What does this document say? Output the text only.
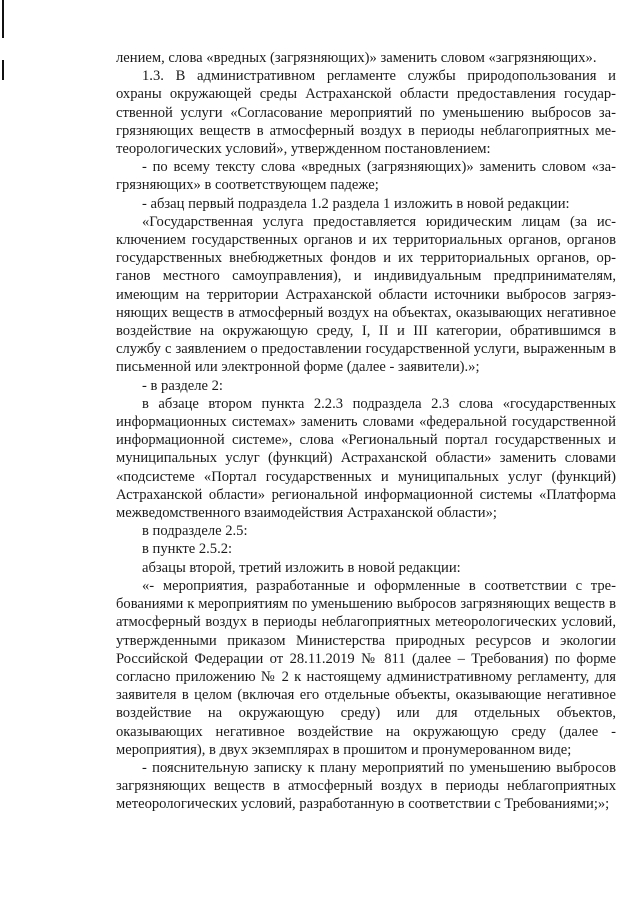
лением, слова «вредных (загрязняющих)» заменить словом «загрязняющих».

1.3. В административном регламенте службы природопользования и охраны окружающей среды Астраханской области предоставления государственной услуги «Согласование мероприятий по уменьшению выбросов загрязняющих веществ в атмосферный воздух в периоды неблагоприятных метеорологических условий», утвержденном постановлением:

- по всему тексту слова «вредных (загрязняющих)» заменить словом «загрязняющих» в соответствующем падеже;

- абзац первый подраздела 1.2 раздела 1 изложить в новой редакции:

«Государственная услуга предоставляется юридическим лицам (за исключением государственных органов и их территориальных органов, органов государственных внебюджетных фондов и их территориальных органов, органов местного самоуправления), и индивидуальным предпринимателям, имеющим на территории Астраханской области источники выбросов загрязняющих веществ в атмосферный воздух на объектах, оказывающих негативное воздействие на окружающую среду, I, II и III категории, обратившимся в службу с заявлением о предоставлении государственной услуги, выраженным в письменной или электронной форме (далее - заявители).»;

- в разделе 2:

в абзаце втором пункта 2.2.3 подраздела 2.3 слова «государственных информационных системах» заменить словами «федеральной государственной информационной системе», слова «Региональный портал государственных и муниципальных услуг (функций) Астраханской области» заменить словами «подсистеме «Портал государственных и муниципальных услуг (функций) Астраханской области» региональной информационной системы «Платформа межведомственного взаимодействия Астраханской области»;

в подразделе 2.5:

в пункте 2.5.2:

абзацы второй, третий изложить в новой редакции:

«- мероприятия, разработанные и оформленные в соответствии с требованиями к мероприятиям по уменьшению выбросов загрязняющих веществ в атмосферный воздух в периоды неблагоприятных метеорологических условий, утвержденными приказом Министерства природных ресурсов и экологии Российской Федерации от 28.11.2019 № 811 (далее – Требования) по форме согласно приложению № 2 к настоящему административному регламенту, для заявителя в целом (включая его отдельные объекты, оказывающие негативное воздействие на окружающую среду) или для отдельных объектов, оказывающих негативное воздействие на окружающую среду (далее - мероприятия), в двух экземплярах в прошитом и пронумерованном виде;

- пояснительную записку к плану мероприятий по уменьшению выбросов загрязняющих веществ в атмосферный воздух в периоды неблагоприятных метеорологических условий, разработанную в соответствии с Требованиями;»;
